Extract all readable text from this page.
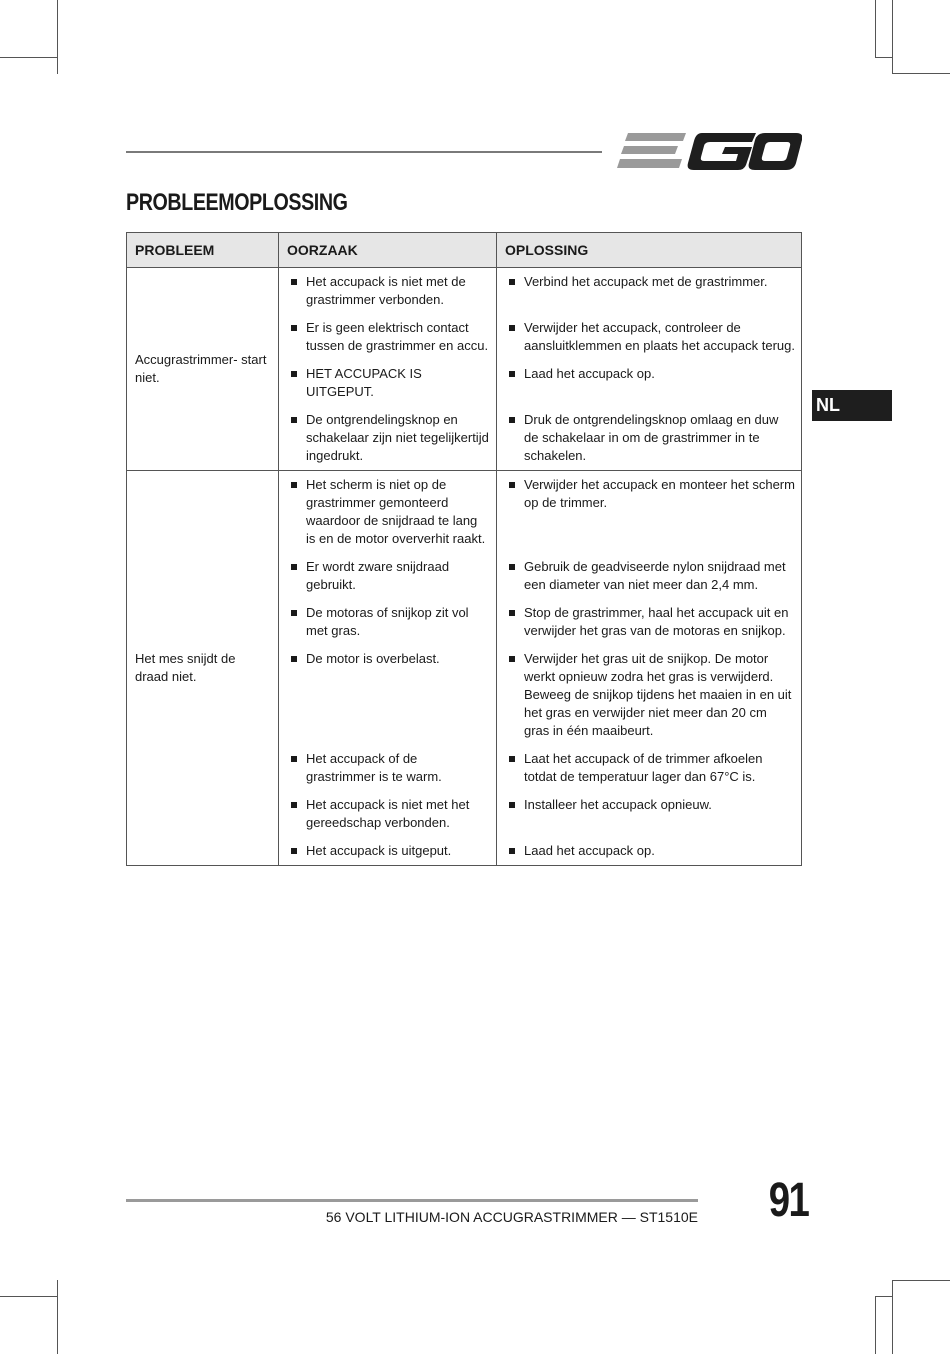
PROBLEEMOPLOSSING
NL
PROBLEEM	OORZAAK	OPLOSSING
Accugrastrimmer- start niet.	Het accupack is niet met de grastrimmer verbonden.	Verbind het accupack met de grastrimmer.

	Er is geen elektrisch contact tussen de grastrimmer en accu.	Verwijder het accupack, controleer de aansluitklemmen en plaats het accupack terug.

	HET ACCUPACK IS UITGEPUT.	Laad het accupack op.

	De ontgrendelingsknop en schakelaar zijn niet tegelijkertijd ingedrukt.	Druk de ontgrendelingsknop omlaag en duw de schakelaar in om de grastrimmer in te schakelen.

Het mes snijdt de draad niet.	Het scherm is niet op de grastrimmer gemonteerd waardoor de snijdraad te lang is en de motor oververhit raakt.	Verwijder het accupack en monteer het scherm op de trimmer.

	Er wordt zware snijdraad gebruikt.	Gebruik de geadviseerde nylon snijdraad met een diameter van niet meer dan 2,4 mm.

	De motoras of snijkop zit vol met gras.	Stop de grastrimmer, haal het accupack uit en verwijder het gras van de motoras en snijkop.

	De motor is overbelast.	Verwijder het gras uit de snijkop. De motor werkt opnieuw zodra het gras is verwijderd. Beweeg de snijkop tijdens het maaien in en uit het gras en verwijder niet meer dan 20 cm gras in één maaibeurt.

	Het accupack of de grastrimmer is te warm.	Laat het accupack of de trimmer afkoelen totdat de temperatuur lager dan 67°C is.

	Het accupack is niet met het gereedschap verbonden.	Installeer het accupack opnieuw.

	Het accupack is uitgeput.	Laad het accupack op.
56 VOLT LITHIUM-ION ACCUGRASTRIMMER — ST1510E 91
